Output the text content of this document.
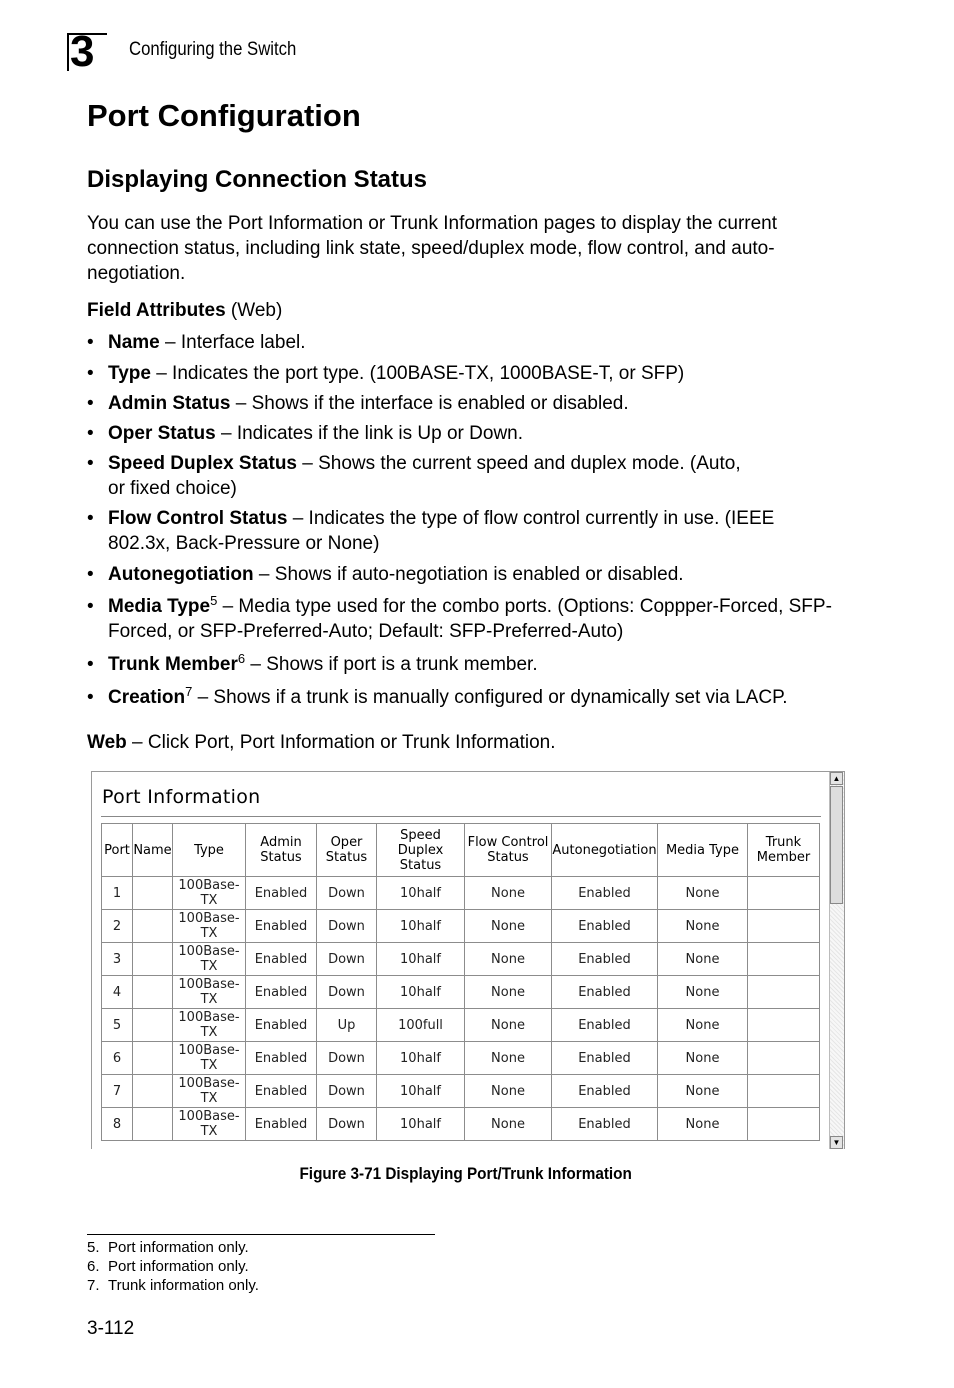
3 Configuring the Switch
Port Configuration
Displaying Connection Status
You can use the Port Information or Trunk Information pages to display the current connection status, including link state, speed/duplex mode, flow control, and auto-negotiation.
Field Attributes (Web)
• Name – Interface label.
• Type – Indicates the port type. (100BASE-TX, 1000BASE-T, or SFP)
• Admin Status – Shows if the interface is enabled or disabled.
• Oper Status – Indicates if the link is Up or Down.
• Speed Duplex Status – Shows the current speed and duplex mode. (Auto, or fixed choice)
• Flow Control Status – Indicates the type of flow control currently in use. (IEEE 802.3x, Back-Pressure or None)
• Autonegotiation – Shows if auto-negotiation is enabled or disabled.
• Media Type$^5$ – Media type used for the combo ports. (Options: Coppper-Forced, SFP-Forced, or SFP-Preferred-Auto; Default: SFP-Preferred-Auto)
• Trunk Member$^6$ – Shows if port is a trunk member.
• Creation$^7$ – Shows if a trunk is manually configured or dynamically set via LACP.
Web – Click Port, Port Information or Trunk Information.
Port Information
Port	Name	Type	Admin Status	Oper Status	Speed Duplex Status	Flow Control Status	Autonegotiation	Media Type	Trunk Member
1		100Base-TX	Enabled	Down	10half	None	Enabled	None	
2		100Base-TX	Enabled	Down	10half	None	Enabled	None	
3		100Base-TX	Enabled	Down	10half	None	Enabled	None	
4		100Base-TX	Enabled	Down	10half	None	Enabled	None	
5		100Base-TX	Enabled	Up	100full	None	Enabled	None	
6		100Base-TX	Enabled	Down	10half	None	Enabled	None	
7		100Base-TX	Enabled	Down	10half	None	Enabled	None	
8		100Base-TX	Enabled	Down	10half	None	Enabled	None	
▲
▼
Figure 3-71 Displaying Port/Trunk Information
5. Port information only.
6. Port information only.
7. Trunk information only.
3-112
